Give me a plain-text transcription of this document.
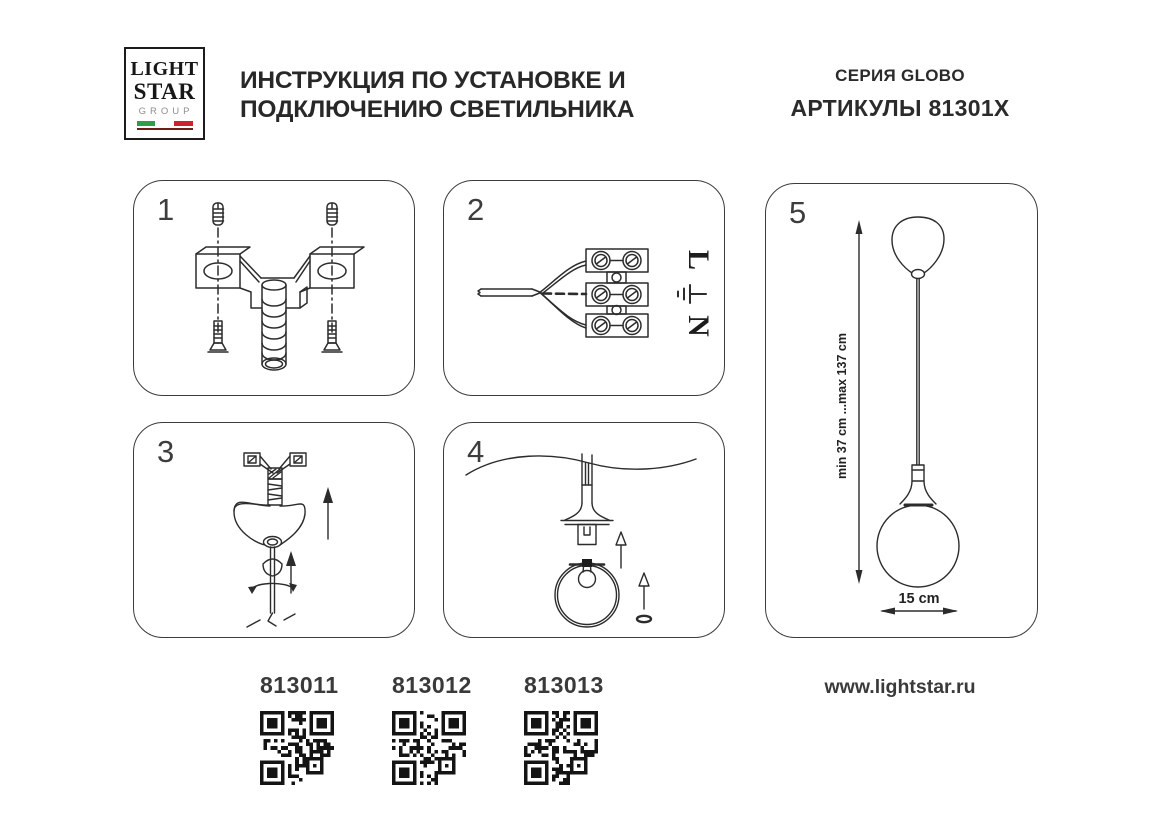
LIGHT
STAR
GROUP
ИНСТРУКЦИЯ ПО УСТАНОВКЕ И
ПОДКЛЮЧЕНИЮ СВЕТИЛЬНИКА
СЕРИЯ GLOBO
АРТИКУЛЫ 81301X
1	2
L
N
3	4
5
min 37 cm ...max 137 cm
15 cm
813011 813012 813013	www.lightstar.ru
